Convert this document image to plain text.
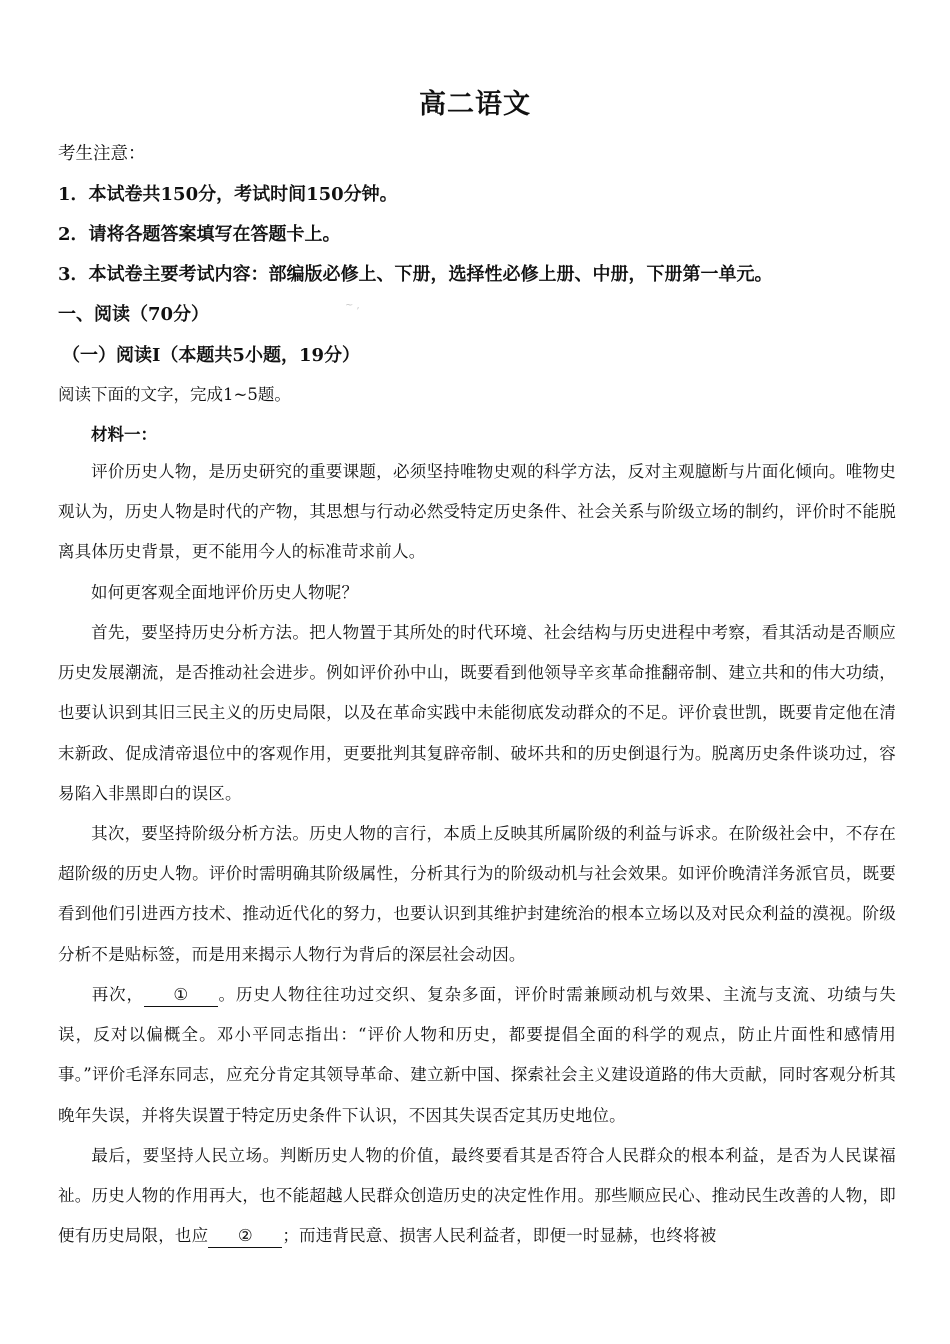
高二语文
考生注意：
1．本试卷共150分，考试时间150分钟。
2．请将各题答案填写在答题卡上。
3．本试卷主要考试内容：部编版必修上、下册，选择性必修上册、中册，下册第一单元。
~ ,
一、阅读（70分）
（一）阅读Ⅰ（本题共5小题，19分）
阅读下面的文字，完成1~5题。
材料一：
评价历史人物，是历史研究的重要课题，必须坚持唯物史观的科学方法，反对主观臆断与片面化倾向。唯物史观认为，历史人物是时代的产物，其思想与行动必然受特定历史条件、社会关系与阶级立场的制约，评价时不能脱离具体历史背景，更不能用今人的标准苛求前人。
如何更客观全面地评价历史人物呢？
首先，要坚持历史分析方法。把人物置于其所处的时代环境、社会结构与历史进程中考察，看其活动是否顺应历史发展潮流，是否推动社会进步。例如评价孙中山，既要看到他领导辛亥革命推翻帝制、建立共和的伟大功绩，也要认识到其旧三民主义的历史局限，以及在革命实践中未能彻底发动群众的不足。评价袁世凯，既要肯定他在清末新政、促成清帝退位中的客观作用，更要批判其复辟帝制、破坏共和的历史倒退行为。脱离历史条件谈功过，容易陷入非黑即白的误区。
其次，要坚持阶级分析方法。历史人物的言行，本质上反映其所属阶级的利益与诉求。在阶级社会中，不存在超阶级的历史人物。评价时需明确其阶级属性，分析其行为的阶级动机与社会效果。如评价晚清洋务派官员，既要看到他们引进西方技术、推动近代化的努力，也要认识到其维护封建统治的根本立场以及对民众利益的漠视。阶级分析不是贴标签，而是用来揭示人物行为背后的深层社会动因。
再次， ① 。历史人物往往功过交织、复杂多面，评价时需兼顾动机与效果、主流与支流、功绩与失误，反对以偏概全。邓小平同志指出：“评价人物和历史，都要提倡全面的科学的观点，防止片面性和感情用事。”评价毛泽东同志，应充分肯定其领导革命、建立新中国、探索社会主义建设道路的伟大贡献，同时客观分析其晚年失误，并将失误置于特定历史条件下认识，不因其失误否定其历史地位。
最后，要坚持人民立场。判断历史人物的价值，最终要看其是否符合人民群众的根本利益，是否为人民谋福祉。历史人物的作用再大，也不能超越人民群众创造历史的决定性作用。那些顺应民心、推动民生改善的人物，即便有历史局限，也应 ② ；而违背民意、损害人民利益者，即便一时显赫，也终将被
